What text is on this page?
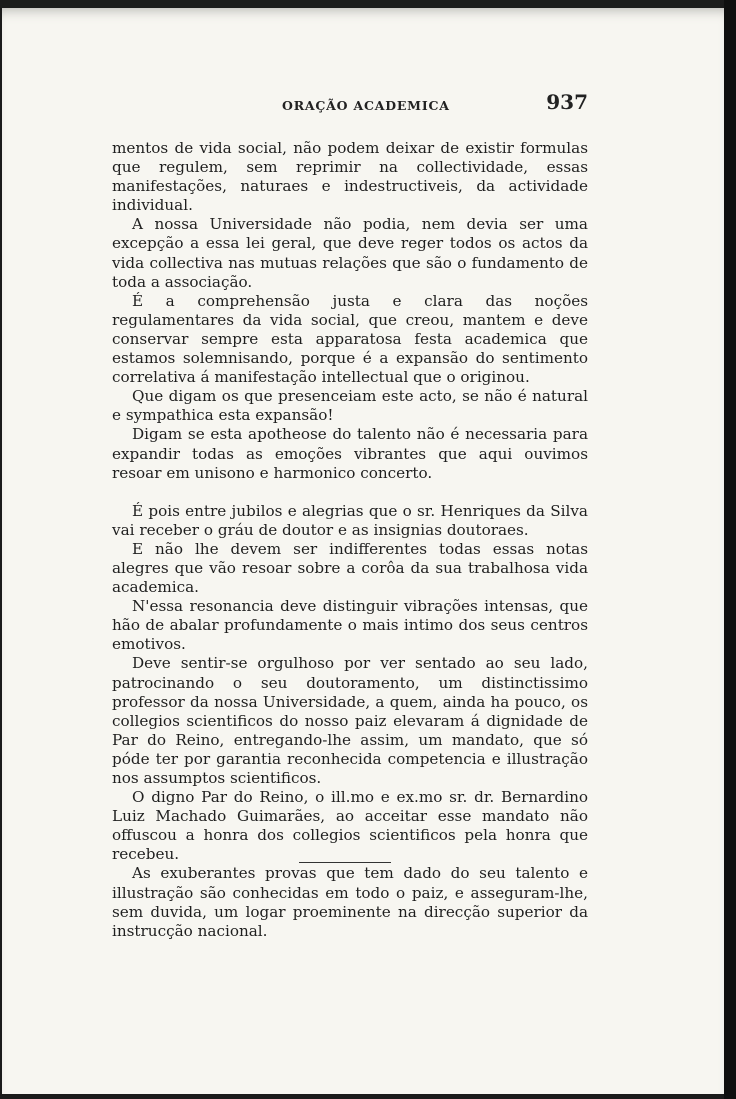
ORAÇÃO ACADEMICA	937

mentos de vida social, não podem deixar de existir formulas que regulem, sem reprimir na collectividade, essas manifestações, naturaes e indestructiveis, da actividade individual.

A nossa Universidade não podia, nem devia ser uma excepção a essa lei geral, que deve reger todos os actos da vida collectiva nas mutuas relações que são o fundamento de toda a associação.

É a comprehensão justa e clara das noções regulamentares da vida social, que creou, mantem e deve conservar sempre esta apparatosa festa academica que estamos solemnisando, porque é a expansão do sentimento correlativa á manifestação intellectual que o originou.

Que digam os que presenceiam este acto, se não é natural e sympathica esta expansão!

Digam se esta apotheose do talento não é necessaria para expandir todas as emoções vibrantes que aqui ouvimos resoar em unisono e harmonico concerto.

É pois entre jubilos e alegrias que o sr. Henriques da Silva vai receber o gráu de doutor e as insignias doutoraes.

E não lhe devem ser indifferentes todas essas notas alegres que vão resoar sobre a corôa da sua trabalhosa vida academica.

N'essa resonancia deve distinguir vibrações intensas, que hão de abalar profundamente o mais intimo dos seus centros emotivos.

Deve sentir-se orgulhoso por ver sentado ao seu lado, patrocinando o seu doutoramento, um distinctissimo professor da nossa Universidade, a quem, ainda ha pouco, os collegios scientificos do nosso paiz elevaram á dignidade de Par do Reino, entregando-lhe assim, um mandato, que só póde ter por garantia reconhecida competencia e illustração nos assumptos scientificos.

O digno Par do Reino, o ill.mo e ex.mo sr. dr. Bernardino Luiz Machado Guimarães, ao acceitar esse mandato não offuscou a honra dos collegios scientificos pela honra que recebeu.

As exuberantes provas que tem dado do seu talento e illustração são conhecidas em todo o paiz, e asseguram-lhe, sem duvida, um logar proeminente na direcção superior da instrucção nacional.
